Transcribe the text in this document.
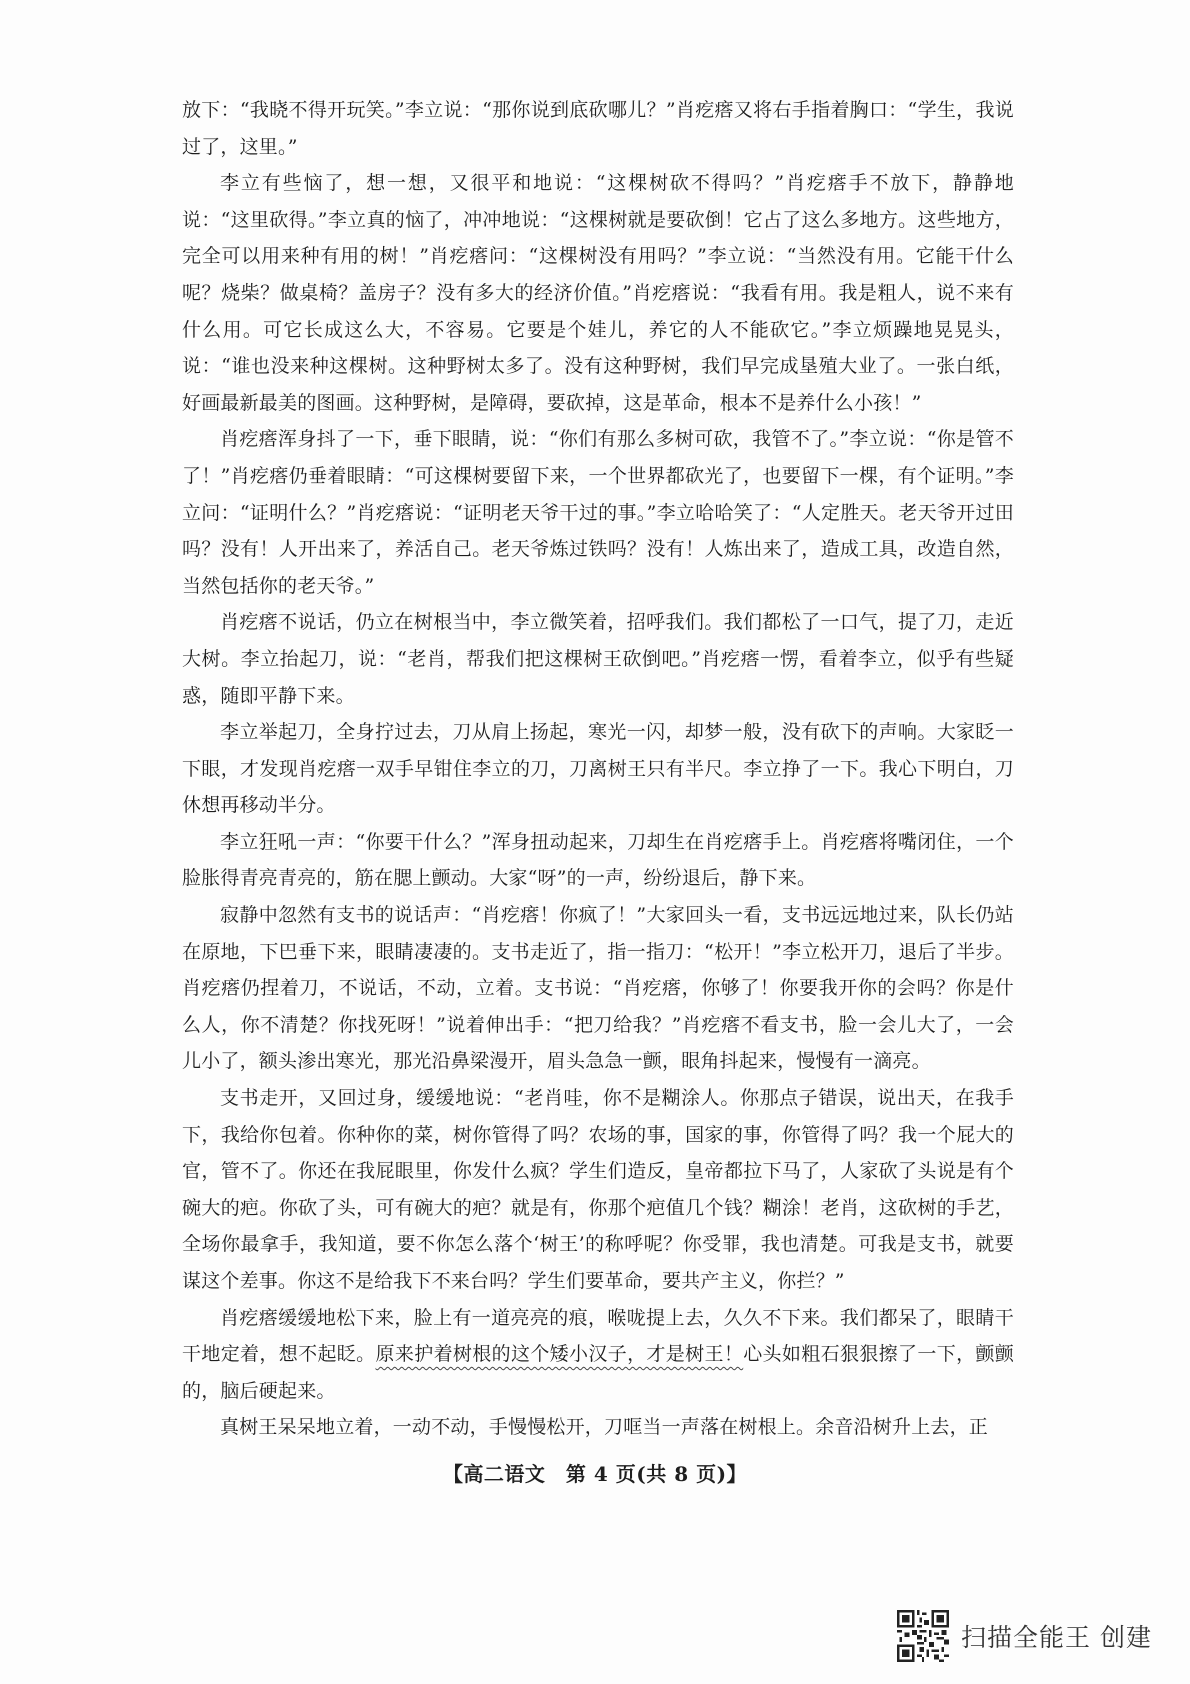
放下：“我晓不得开玩笑。”李立说：“那你说到底砍哪儿？”肖疙瘩又将右手指着胸口：“学生，我说过了，这里。”

李立有些恼了，想一想，又很平和地说：“这棵树砍不得吗？”肖疙瘩手不放下，静静地说：“这里砍得。”李立真的恼了，冲冲地说：“这棵树就是要砍倒！它占了这么多地方。这些地方，完全可以用来种有用的树！”肖疙瘩问：“这棵树没有用吗？”李立说：“当然没有用。它能干什么呢？烧柴？做桌椅？盖房子？没有多大的经济价值。”肖疙瘩说：“我看有用。我是粗人，说不来有什么用。可它长成这么大，不容易。它要是个娃儿，养它的人不能砍它。”李立烦躁地晃晃头，说：“谁也没来种这棵树。这种野树太多了。没有这种野树，我们早完成垦殖大业了。一张白纸，好画最新最美的图画。这种野树，是障碍，要砍掉，这是革命，根本不是养什么小孩！”

肖疙瘩浑身抖了一下，垂下眼睛，说：“你们有那么多树可砍，我管不了。”李立说：“你是管不了！”肖疙瘩仍垂着眼睛：“可这棵树要留下来，一个世界都砍光了，也要留下一棵，有个证明。”李立问：“证明什么？”肖疙瘩说：“证明老天爷干过的事。”李立哈哈笑了：“人定胜天。老天爷开过田吗？没有！人开出来了，养活自己。老天爷炼过铁吗？没有！人炼出来了，造成工具，改造自然，当然包括你的老天爷。”

肖疙瘩不说话，仍立在树根当中，李立微笑着，招呼我们。我们都松了一口气，提了刀，走近大树。李立抬起刀，说：“老肖，帮我们把这棵树王砍倒吧。”肖疙瘩一愣，看着李立，似乎有些疑惑，随即平静下来。

李立举起刀，全身拧过去，刀从肩上扬起，寒光一闪，却梦一般，没有砍下的声响。大家眨一下眼，才发现肖疙瘩一双手早钳住李立的刀，刀离树王只有半尺。李立挣了一下。我心下明白，刀休想再移动半分。

李立狂吼一声：“你要干什么？”浑身扭动起来，刀却生在肖疙瘩手上。肖疙瘩将嘴闭住，一个脸胀得青亮青亮的，筋在腮上颤动。大家“呀”的一声，纷纷退后，静下来。

寂静中忽然有支书的说话声：“肖疙瘩！你疯了！”大家回头一看，支书远远地过来，队长仍站在原地，下巴垂下来，眼睛凄凄的。支书走近了，指一指刀：“松开！”李立松开刀，退后了半步。肖疙瘩仍捏着刀，不说话，不动，立着。支书说：“肖疙瘩，你够了！你要我开你的会吗？你是什么人，你不清楚？你找死呀！”说着伸出手：“把刀给我？”肖疙瘩不看支书，脸一会儿大了，一会儿小了，额头渗出寒光，那光沿鼻梁漫开，眉头急急一颤，眼角抖起来，慢慢有一滴亮。

支书走开，又回过身，缓缓地说：“老肖哇，你不是糊涂人。你那点子错误，说出天，在我手下，我给你包着。你种你的菜，树你管得了吗？农场的事，国家的事，你管得了吗？我一个屁大的官，管不了。你还在我屁眼里，你发什么疯？学生们造反，皇帝都拉下马了，人家砍了头说是有个碗大的疤。你砍了头，可有碗大的疤？就是有，你那个疤值几个钱？糊涂！老肖，这砍树的手艺，全场你最拿手，我知道，要不你怎么落个‘树王’的称呼呢？你受罪，我也清楚。可我是支书，就要谋这个差事。你这不是给我下不来台吗？学生们要革命，要共产主义，你拦？”

肖疙瘩缓缓地松下来，脸上有一道亮亮的痕，喉咙提上去，久久不下来。我们都呆了，眼睛干干地定着，想不起眨。原来护着树根的这个矮小汉子，才是树王！心头如粗石狠狠擦了一下，颤颤的，脑后硬起来。

真树王呆呆地立着，一动不动，手慢慢松开，刀哐当一声落在树根上。余音沿树升上去，正

【高二语文　第 4 页(共 8 页)】
扫描全能王 创建
